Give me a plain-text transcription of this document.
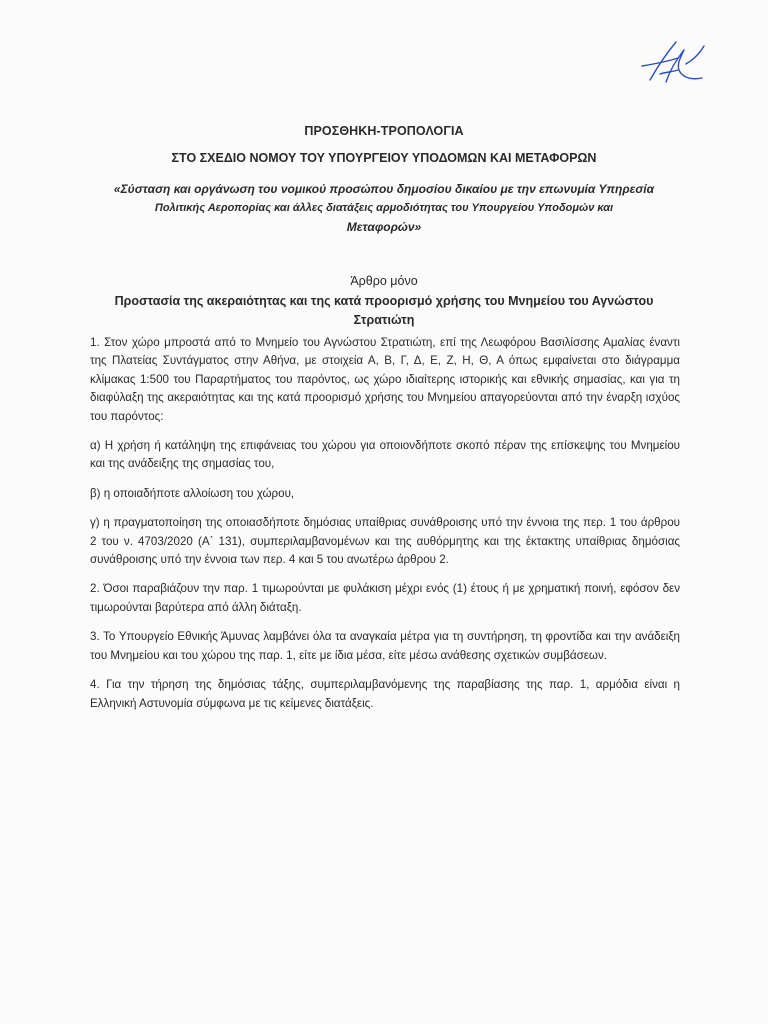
ΠΡΟΣΘΗΚΗ-ΤΡΟΠΟΛΟΓΙΑ
ΣΤΟ ΣΧΕΔΙΟ ΝΟΜΟΥ ΤΟΥ ΥΠΟΥΡΓΕΙΟΥ ΥΠΟΔΟΜΩΝ ΚΑΙ ΜΕΤΑΦΟΡΩΝ
«Σύσταση και οργάνωση του νομικού προσώπου δημοσίου δικαίου με την επωνυμία Υπηρεσία
Πολιτικής Αεροπορίας και άλλες διατάξεις αρμοδιότητας του Υπουργείου Υποδομών και
Μεταφορών»
Άρθρο μόνο
Προστασία της ακεραιότητας και της κατά προορισμό χρήσης του Μνημείου του Αγνώστου
Στρατιώτη

1. Στον χώρο μπροστά από το Μνημείο του Αγνώστου Στρατιώτη, επί της Λεωφόρου Βασιλίσσης Αμαλίας έναντι της Πλατείας Συντάγματος στην Αθήνα, με στοιχεία Α, Β, Γ, Δ, Ε, Ζ, Η, Θ, Α όπως εμφαίνεται στο διάγραμμα κλίμακας 1:500 του Παραρτήματος του παρόντος, ως χώρο ιδιαίτερης ιστορικής και εθνικής σημασίας, και για τη διαφύλαξη της ακεραιότητας και της κατά προορισμό χρήσης του Μνημείου απαγορεύονται από την έναρξη ισχύος του παρόντος:

α) Η χρήση ή κατάληψη της επιφάνειας του χώρου για οποιονδήποτε σκοπό πέραν της επίσκεψης του Μνημείου και της ανάδειξης της σημασίας του,

β) η οποιαδήποτε αλλοίωση του χώρου,

γ) η πραγματοποίηση της οποιασδήποτε δημόσιας υπαίθριας συνάθροισης υπό την έννοια της περ. 1 του άρθρου 2 του ν. 4703/2020 (Α΄ 131), συμπεριλαμβανομένων και της αυθόρμητης και της έκτακτης υπαίθριας δημόσιας συνάθροισης υπό την έννοια των περ. 4 και 5 του ανωτέρω άρθρου 2.

2. Όσοι παραβιάζουν την παρ. 1 τιμωρούνται με φυλάκιση μέχρι ενός (1) έτους ή με χρηματική ποινή, εφόσον δεν τιμωρούνται βαρύτερα από άλλη διάταξη.

3. Το Υπουργείο Εθνικής Άμυνας λαμβάνει όλα τα αναγκαία μέτρα για τη συντήρηση, τη φροντίδα και την ανάδειξη του Μνημείου και του χώρου της παρ. 1, είτε με ίδια μέσα, είτε μέσω ανάθεσης σχετικών συμβάσεων.

4. Για την τήρηση της δημόσιας τάξης, συμπεριλαμβανόμενης της παραβίασης της παρ. 1, αρμόδια είναι η Ελληνική Αστυνομία σύμφωνα με τις κείμενες διατάξεις.
